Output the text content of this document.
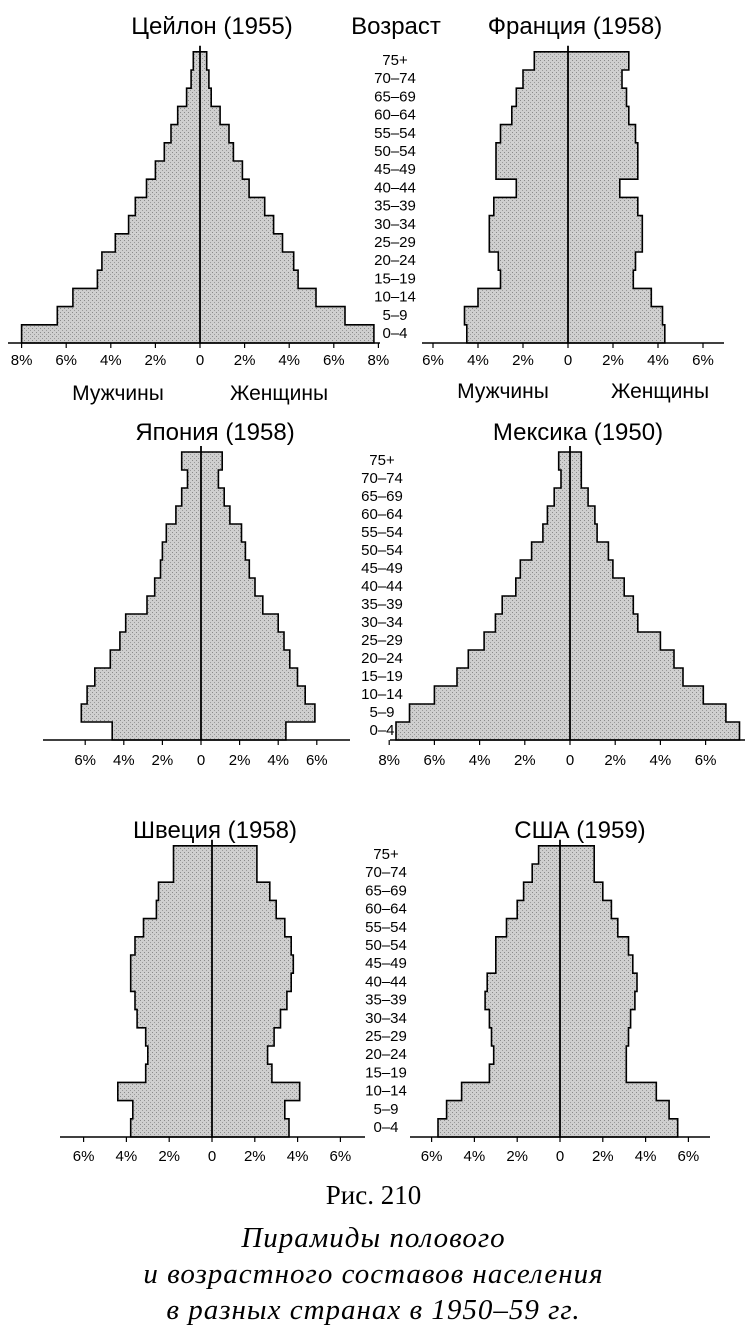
8% 6% 4% 2% 0 2% 4% 6% 8%
Цейлон (1955)
6% 4% 2% 0 2% 4% 6%
Франция (1958)
6% 4% 2% 0 2% 4% 6%
Япония (1958)
8% 6% 4% 2% 0 2% 4% 6%
Мексика (1950)
6% 4% 2% 0 2% 4% 6%
Швеция (1958)
6% 4% 2% 0 2% 4% 6%
США (1959)
0–4
5–9
10–14
15–19
20–24
25–29
30–34
35–39
40–44
45–49
50–54
55–54
60–64
65–69
70–74
75+
0–4
5–9
10–14
15–19
20–24
25–29
30–34
35–39
40–44
45–49
50–54
55–54
60–64
65–69
70–74
75+
0–4
5–9
10–14
15–19
20–24
25–29
30–34
35–39
40–44
45–49
50–54
55–54
60–64
65–69
70–74
75+
Возраст
Мужчины	Женщины	Мужчины	Женщины
Рис. 210
Пирамиды полового
и возрастного составов населения
в разных странах в 1950–59 гг.
